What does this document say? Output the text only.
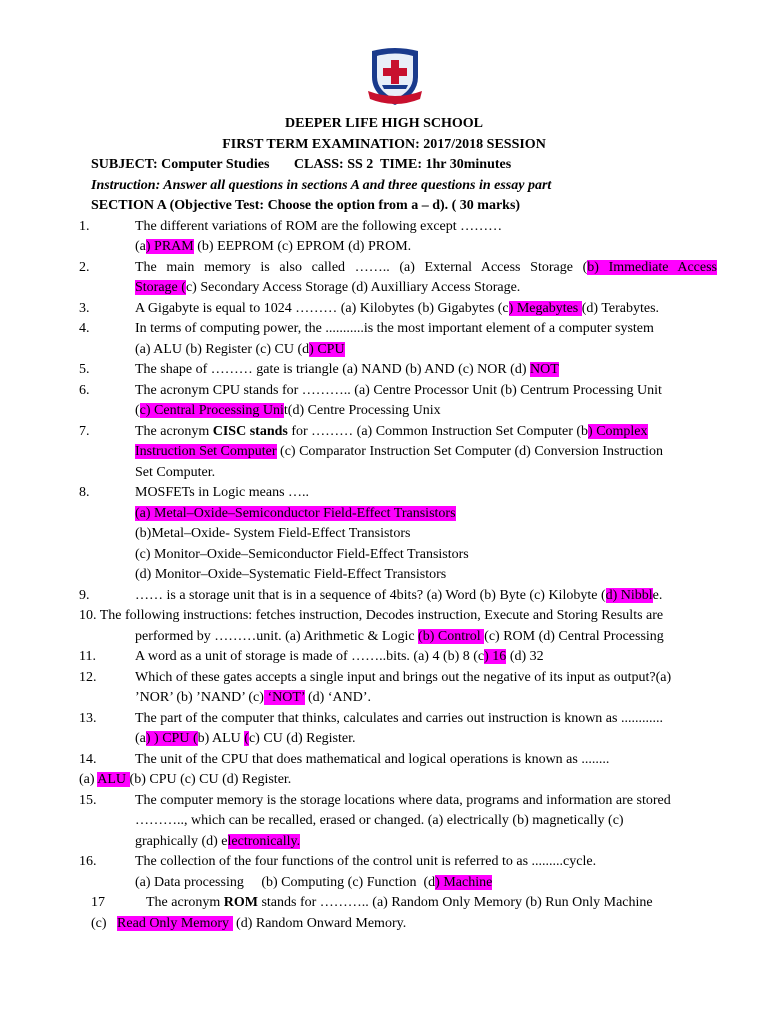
DEEPER LIFE HIGH SCHOOL
FIRST TERM EXAMINATION: 2017/2018 SESSION
SUBJECT: Computer Studies       CLASS: SS 2  TIME: 1hr 30minutes
Instruction: Answer all questions in sections A and three questions in essay part
SECTION A (Objective Test: Choose the option from a – d). ( 30 marks)
1.	The different variations of ROM are the following except ………
(a) PRAM (b) EEPROM (c) EPROM (d) PROM.
2.	The main memory is also called …….. (a) External Access Storage (b) Immediate Access
Storage (c) Secondary Access Storage (d) Auxilliary Access Storage.
3.	A Gigabyte is equal to 1024 ……… (a) Kilobytes (b) Gigabytes (c) Megabytes (d) Terabytes.
4.	In terms of computing power, the ...........is the most important element of a computer system
(a) ALU (b) Register (c) CU (d) CPU
5.	The shape of ……… gate is triangle (a) NAND (b) AND (c) NOR (d) NOT
6.	The acronym CPU stands for ……….. (a) Centre Processor Unit (b) Centrum Processing Unit
(c) Central Processing Unit(d) Centre Processing Unix
7.	The acronym CISC stands for ……… (a) Common Instruction Set Computer (b) Complex
Instruction Set Computer (c) Comparator Instruction Set Computer (d) Conversion Instruction
Set Computer.
8.	MOSFETs in Logic means …..
(a) Metal–Oxide–Semiconductor Field-Effect Transistors
(b)Metal–Oxide- System Field-Effect Transistors
(c) Monitor–Oxide–Semiconductor Field-Effect Transistors
(d) Monitor–Oxide–Systematic Field-Effect Transistors
9.	…… is a storage unit that is in a sequence of 4bits? (a) Word (b) Byte (c) Kilobyte (d) Nibble.
10. The following instructions: fetches instruction, Decodes instruction, Execute and Storing Results are
performed by ………unit. (a) Arithmetic & Logic (b) Control (c) ROM (d) Central Processing
11.	A word as a unit of storage is made of ……..bits. (a) 4 (b) 8 (c) 16 (d) 32
12.	Which of these gates accepts a single input and brings out the negative of its input as output?(a)
’NOR’ (b) ’NAND’ (c) ‘NOT’ (d) ‘AND’.
13.	The part of the computer that thinks, calculates and carries out instruction is known as ............
(a) ) CPU (b) ALU (c) CU (d) Register.
14.	The unit of the CPU that does mathematical and logical operations is known as ........
(a) ALU (b) CPU (c) CU (d) Register.
15.	The computer memory is the storage locations where data, programs and information are stored
……….., which can be recalled, erased or changed. (a) electrically (b) magnetically (c)
graphically (d) electronically.
16.	The collection of the four functions of the control unit is referred to as .........cycle.
(a) Data processing     (b) Computing (c) Function  (d) Machine
17	The acronym ROM stands for ……….. (a) Random Only Memory (b) Run Only Machine
(c)   Read Only Memory  (d) Random Onward Memory.
